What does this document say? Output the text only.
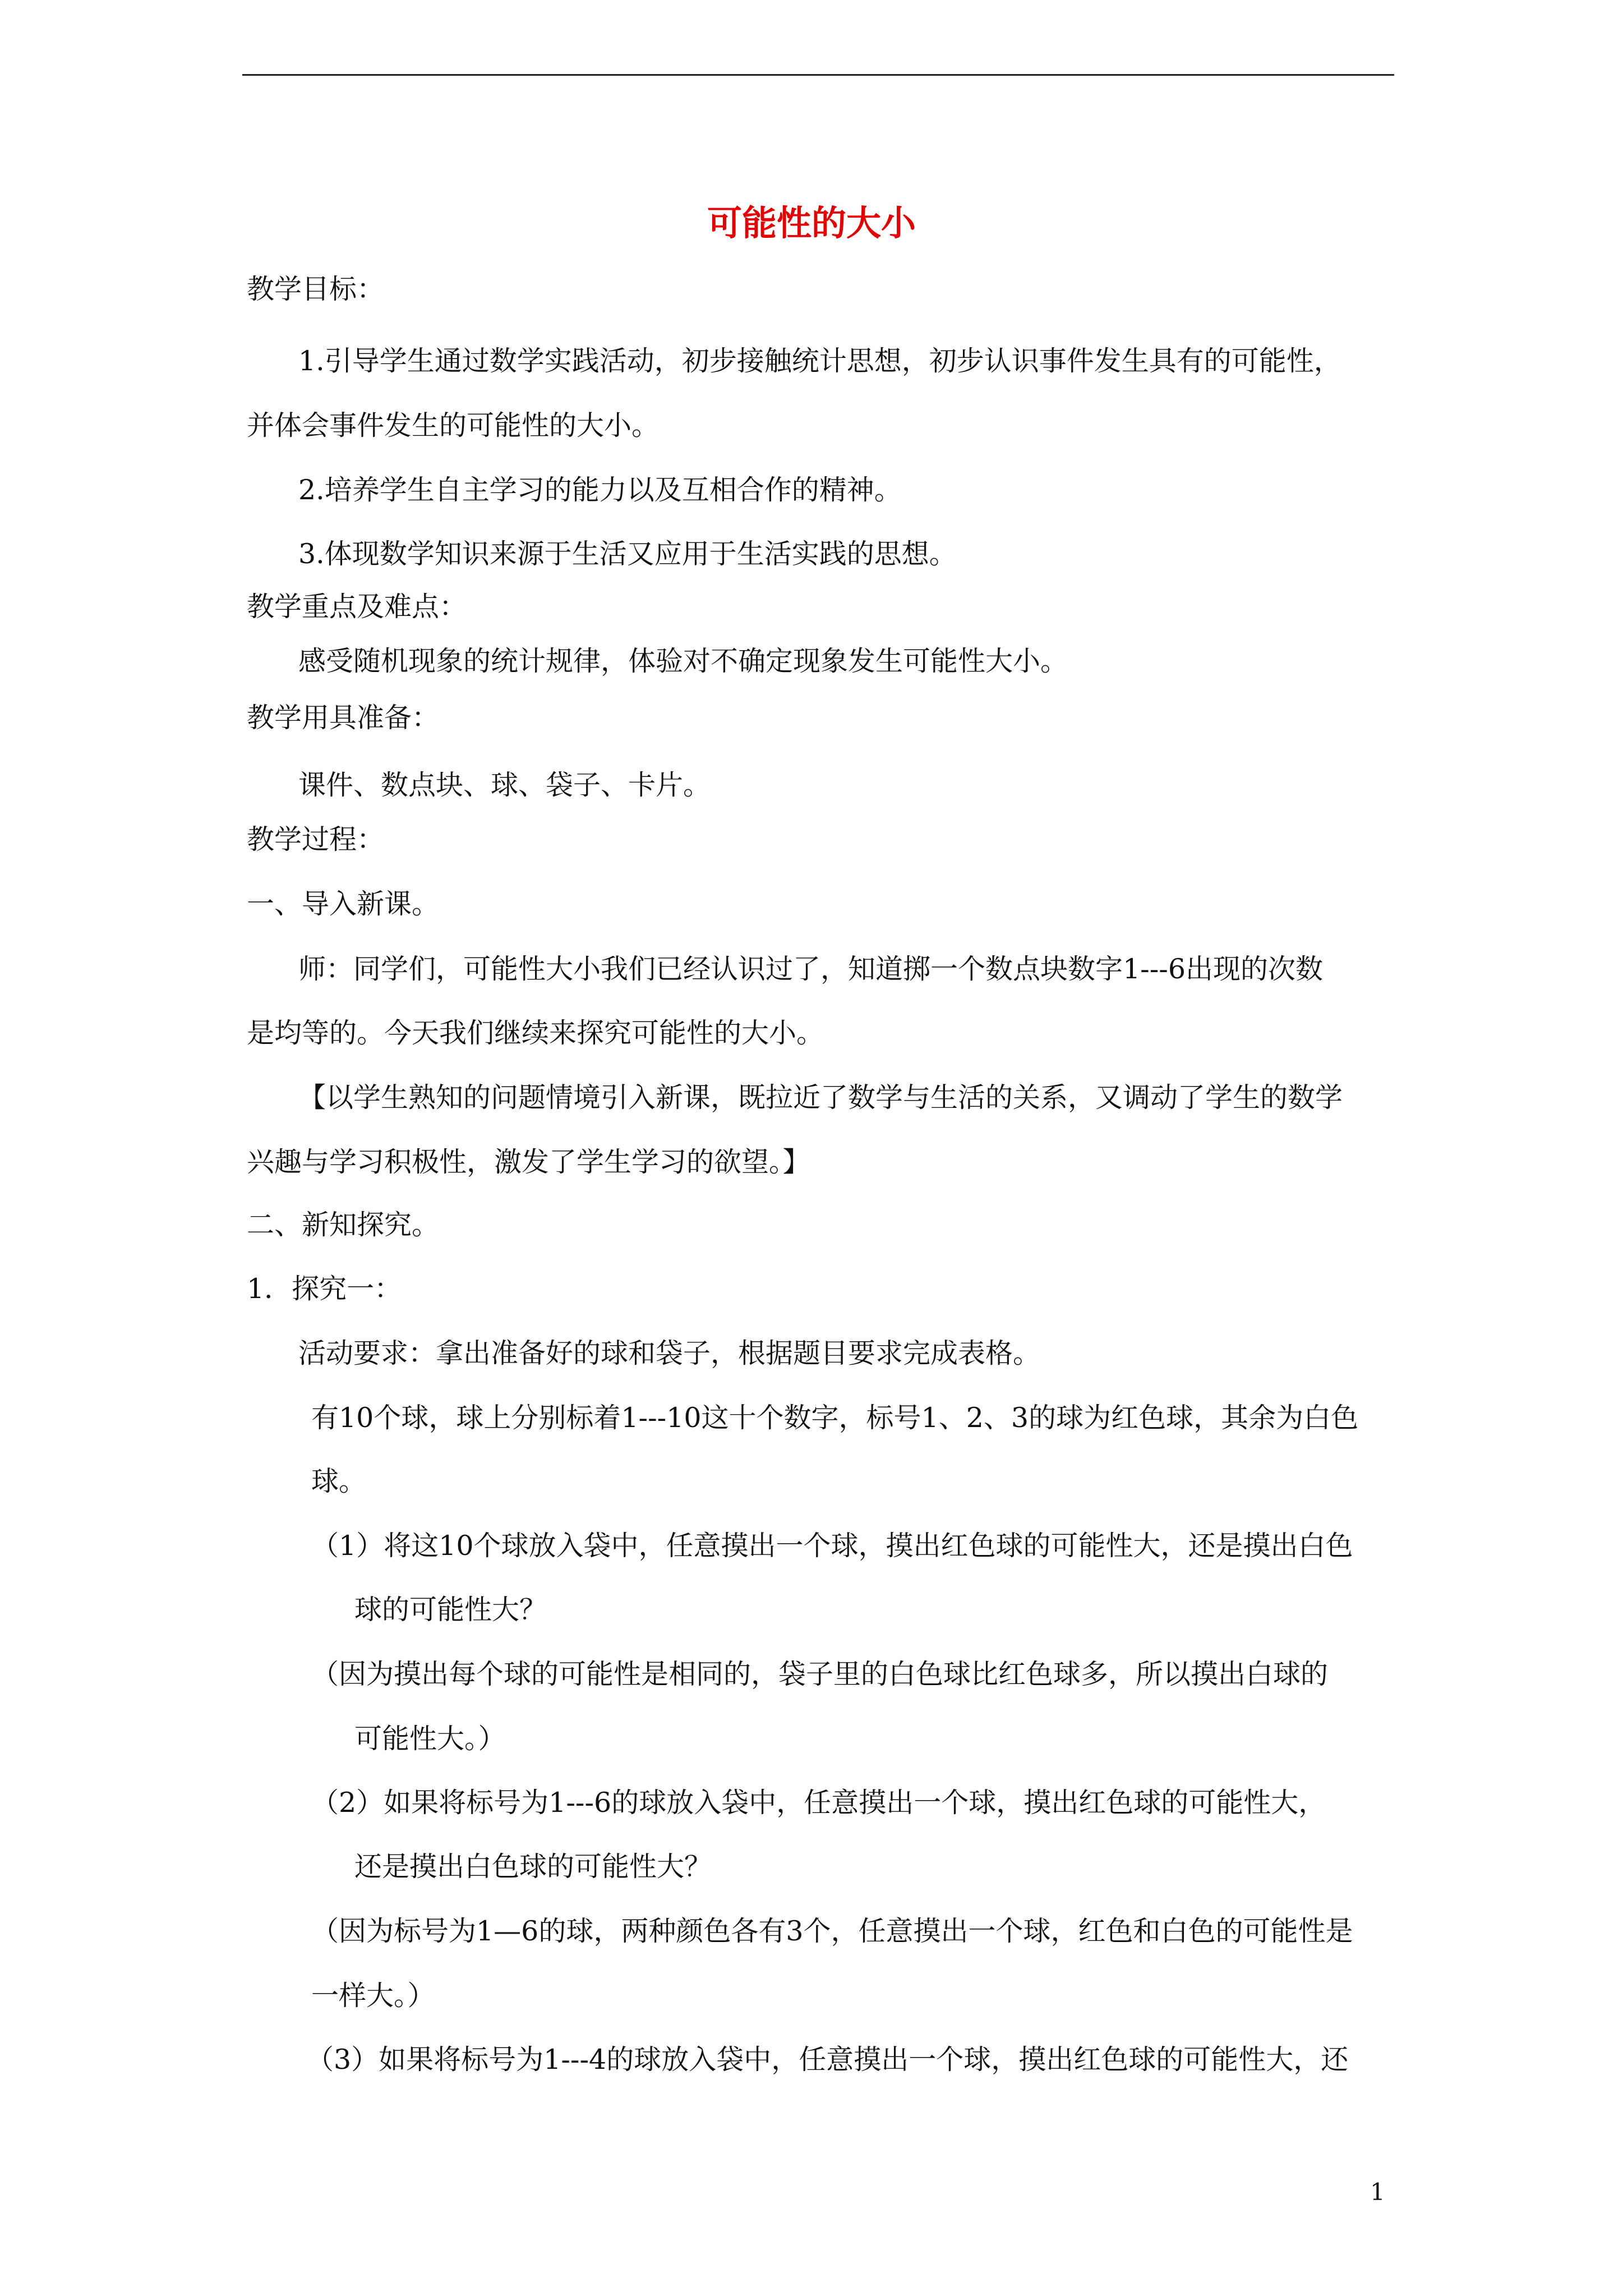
可能性的大小
教学目标：
1.引导学生通过数学实践活动，初步接触统计思想，初步认识事件发生具有的可能性，
并体会事件发生的可能性的大小。
2.培养学生自主学习的能力以及互相合作的精神。
3.体现数学知识来源于生活又应用于生活实践的思想。
教学重点及难点：
感受随机现象的统计规律，体验对不确定现象发生可能性大小。
教学用具准备：
课件、数点块、球、袋子、卡片。
教学过程：
一、导入新课。
师：同学们，可能性大小我们已经认识过了，知道掷一个数点块数字1---6出现的次数
是均等的。今天我们继续来探究可能性的大小。
【以学生熟知的问题情境引入新课，既拉近了数学与生活的关系，又调动了学生的数学
兴趣与学习积极性，激发了学生学习的欲望。】
二、新知探究。
1．探究一：
活动要求：拿出准备好的球和袋子，根据题目要求完成表格。
有10个球，球上分别标着1---10这十个数字，标号1、2、3的球为红色球，其余为白色
球。
（1）将这10个球放入袋中，任意摸出一个球，摸出红色球的可能性大，还是摸出白色
球的可能性大？
（因为摸出每个球的可能性是相同的，袋子里的白色球比红色球多，所以摸出白球的
可能性大。）
（2）如果将标号为1---6的球放入袋中，任意摸出一个球，摸出红色球的可能性大，
还是摸出白色球的可能性大？
（因为标号为1—6的球，两种颜色各有3个，任意摸出一个球，红色和白色的可能性是
一样大。）
（3）如果将标号为1---4的球放入袋中，任意摸出一个球，摸出红色球的可能性大，还
1
